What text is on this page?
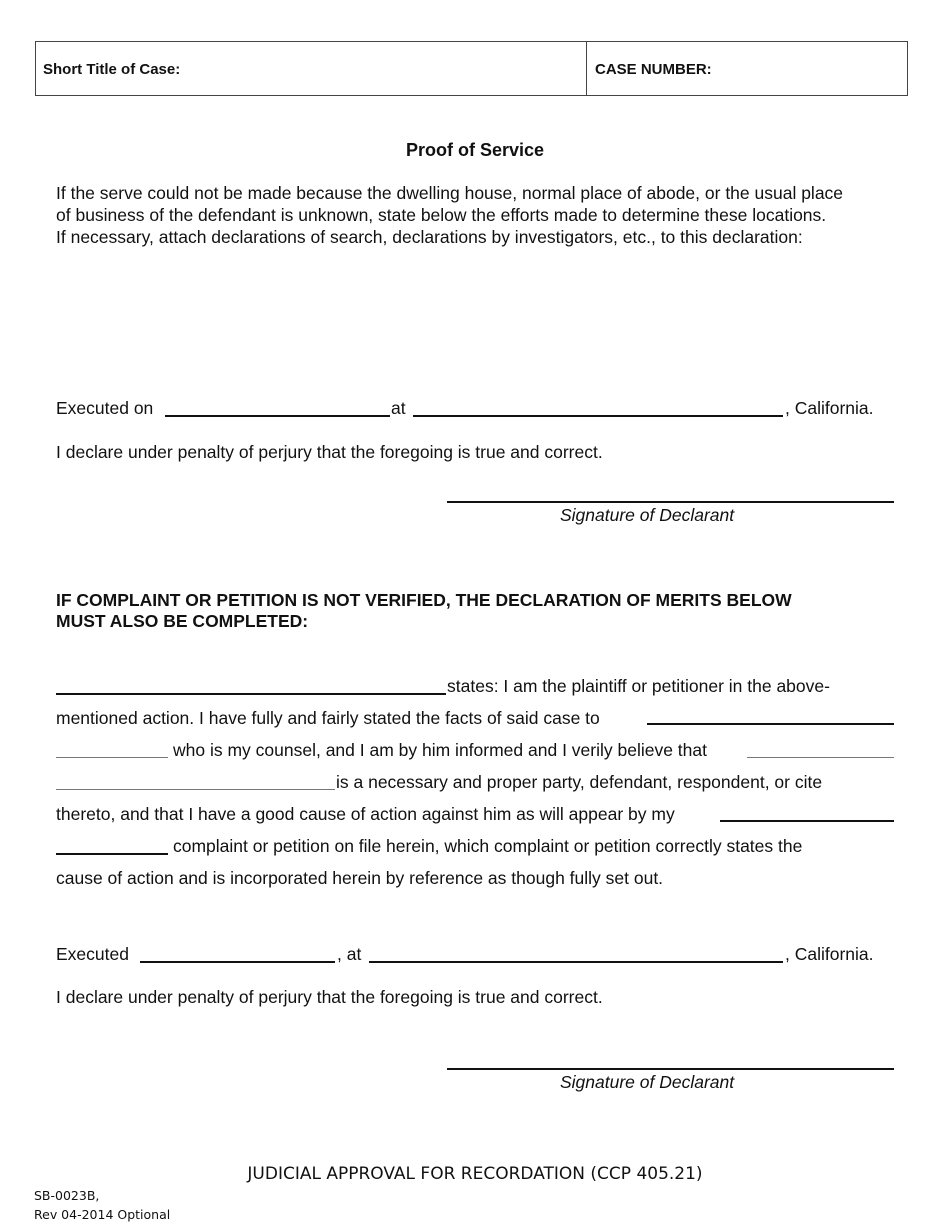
Short Title of Case:	CASE NUMBER:
Proof of Service
If the serve could not be made because the dwelling house, normal place of abode, or the usual place
of business of the defendant is unknown, state below the efforts made to determine these locations.
If necessary, attach declarations of search, declarations by investigators, etc., to this declaration:
Executed on	at	, California.
I declare under penalty of perjury that the foregoing is true and correct.
Signature of Declarant
IF COMPLAINT OR PETITION IS NOT VERIFIED, THE DECLARATION OF MERITS BELOW
MUST ALSO BE COMPLETED:
states: I am the plaintiff or petitioner in the above-
mentioned action. I have fully and fairly stated the facts of said case to
who is my counsel, and I am by him informed and I verily believe that
is a necessary and proper party, defendant, respondent, or cite
thereto, and that I have a good cause of action against him as will appear by my
complaint or petition on file herein, which complaint or petition correctly states the
cause of action and is incorporated herein by reference as though fully set out.
Executed	, at	, California.
I declare under penalty of perjury that the foregoing is true and correct.
Signature of Declarant
JUDICIAL APPROVAL FOR RECORDATION (CCP 405.21)
SB-0023B,
Rev 04-2014 Optional
